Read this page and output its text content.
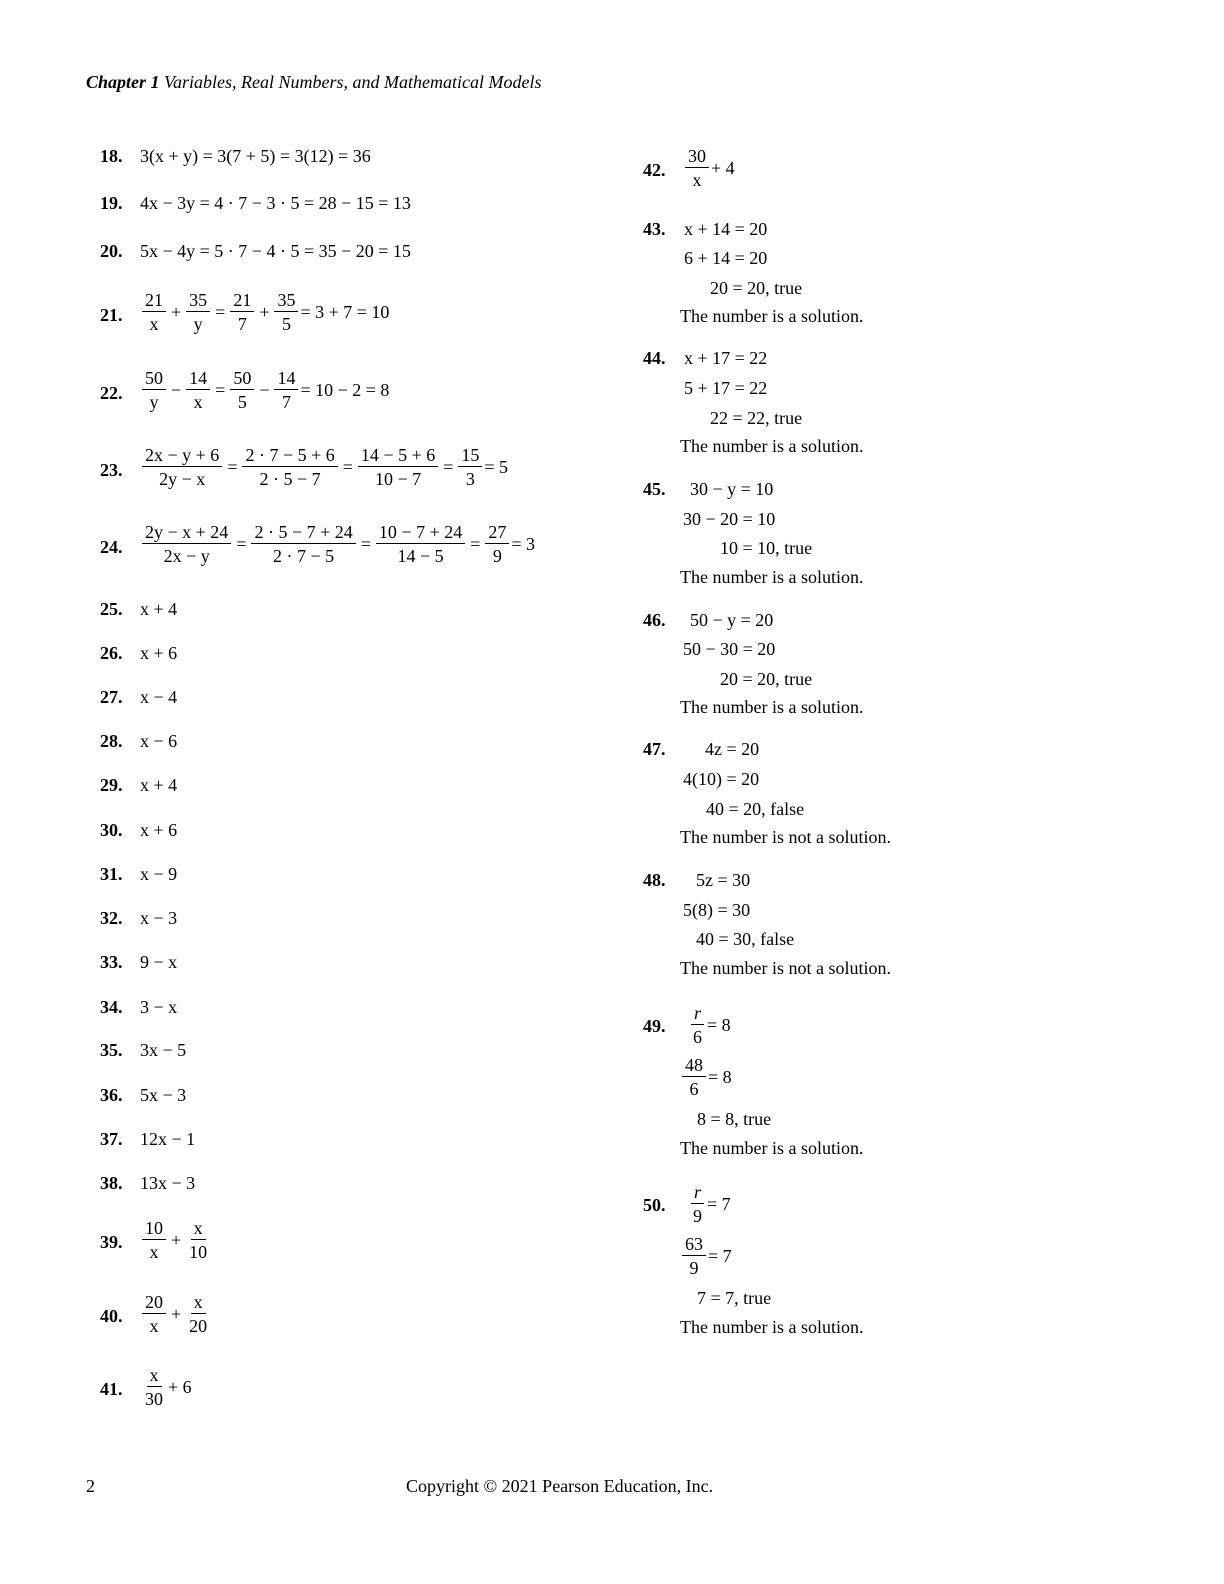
Chapter 1 Variables, Real Numbers, and Mathematical Models
18. 3(x + y) = 3(7 + 5) = 3(12) = 36
19. 4x − 3y = 4 · 7 − 3 · 5 = 28 − 15 = 13
20. 5x − 4y = 5 · 7 − 4 · 5 = 35 − 20 = 15
21.
21
x
+ $\frac{35}{y} = \frac{21}{7} + \frac{35}{5} = 3 + 7 = 10$
22.
50
y
− $\frac{14}{x} = \frac{50}{5} - \frac{14}{7} = 10 - 2 = 8$
23. $\frac{2x - y + 6}{2y - x} = \frac{2 \cdot 7 - 5 + 6}{2 \cdot 5 - 7} = \frac{14 - 5 + 6}{10 - 7} = \frac{15}{3} = 5$
24. $\frac{2y - x + 24}{2x - y} = \frac{2 \cdot 5 - 7 + 24}{2 \cdot 7 - 5} = \frac{10 - 7 + 24}{14 - 5} = \frac{27}{9} = 3$
25. x + 4
26. x + 6
27. x − 4
28. x − 6
29. x + 4
30. x + 6
31. x − 9
32. x − 3
33. 9 − x
34. 3 − x
35. 3x − 5
36. 5x − 3
37. 12x − 1
38. 13x − 3
39.
10
x
+ $\frac{x}{10}$
40.
20
x
+ $\frac{x}{20}$
41.
x
30
+ 6
42.
30
x
+ 4
43. x + 14 = 20
6 + 14 = 20
20 = 20, true
The number is a solution.
44. x + 17 = 22
5 + 17 = 22
22 = 22, true
The number is a solution.
45. 30 − y = 10
30 − 20 = 10
10 = 10, true
The number is a solution.
46. 50 − y = 20
50 − 30 = 20
20 = 20, true
The number is a solution.
47. 4z = 20
4(10) = 20
40 = 20, false
The number is not a solution.
48. 5z = 30
5(8) = 30
40 = 30, false
The number is not a solution.
49. $\frac{r}{6} = 8$
$\frac{48}{6} = 8$
8 = 8, true
The number is a solution.
50. $\frac{r}{9} = 7$
$\frac{63}{9} = 7$
7 = 7, true
The number is a solution.
2	Copyright © 2021 Pearson Education, Inc.
